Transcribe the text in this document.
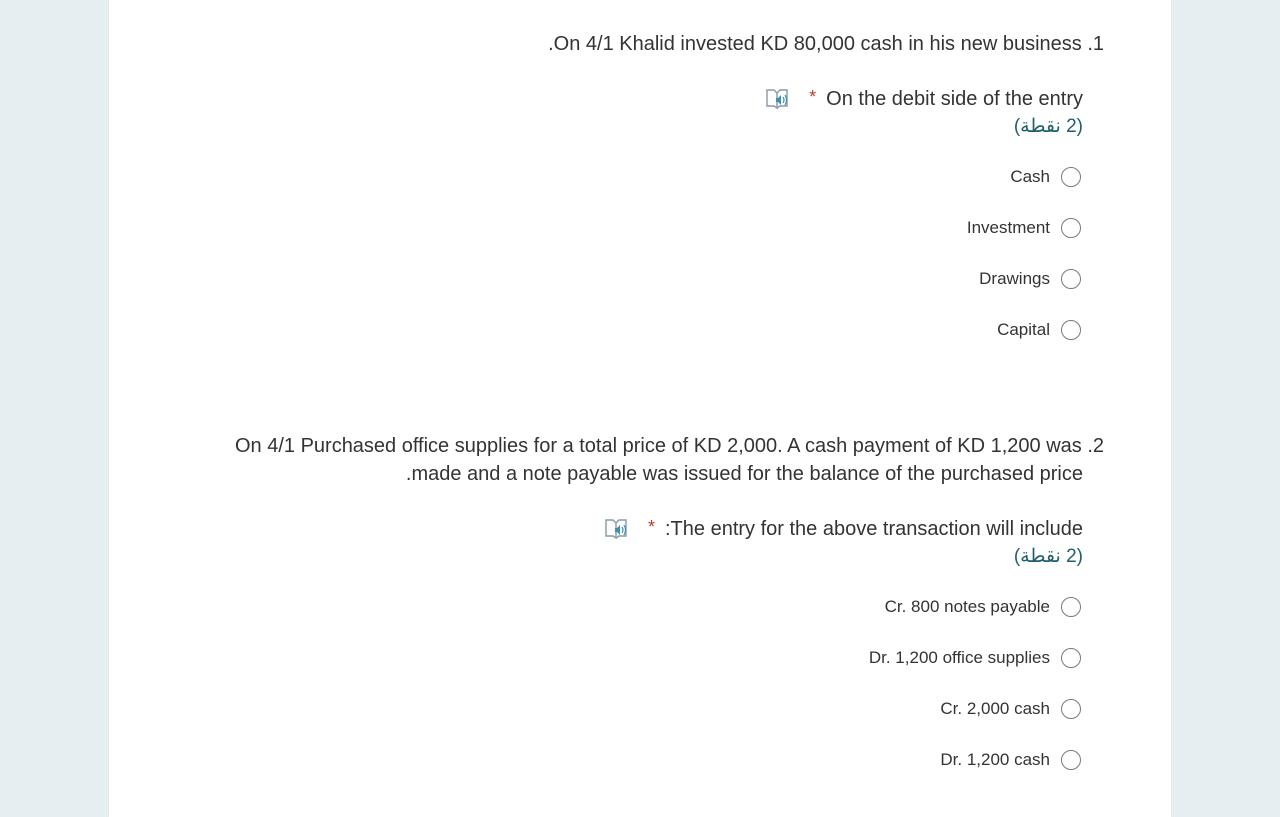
.On 4/1 Khalid invested KD 80,000 cash in his new business .1
* On the debit side of the entry
(2 نقطة)
Cash
Investment
Drawings
Capital
On 4/1 Purchased office supplies for a total price of KD 2,000. A cash payment of KD 1,200 was .2
.made and a note payable was issued for the balance of the purchased price
* :The entry for the above transaction will include
(2 نقطة)
Cr. 800 notes payable
Dr. 1,200 office supplies
Cr. 2,000 cash
Dr. 1,200 cash
